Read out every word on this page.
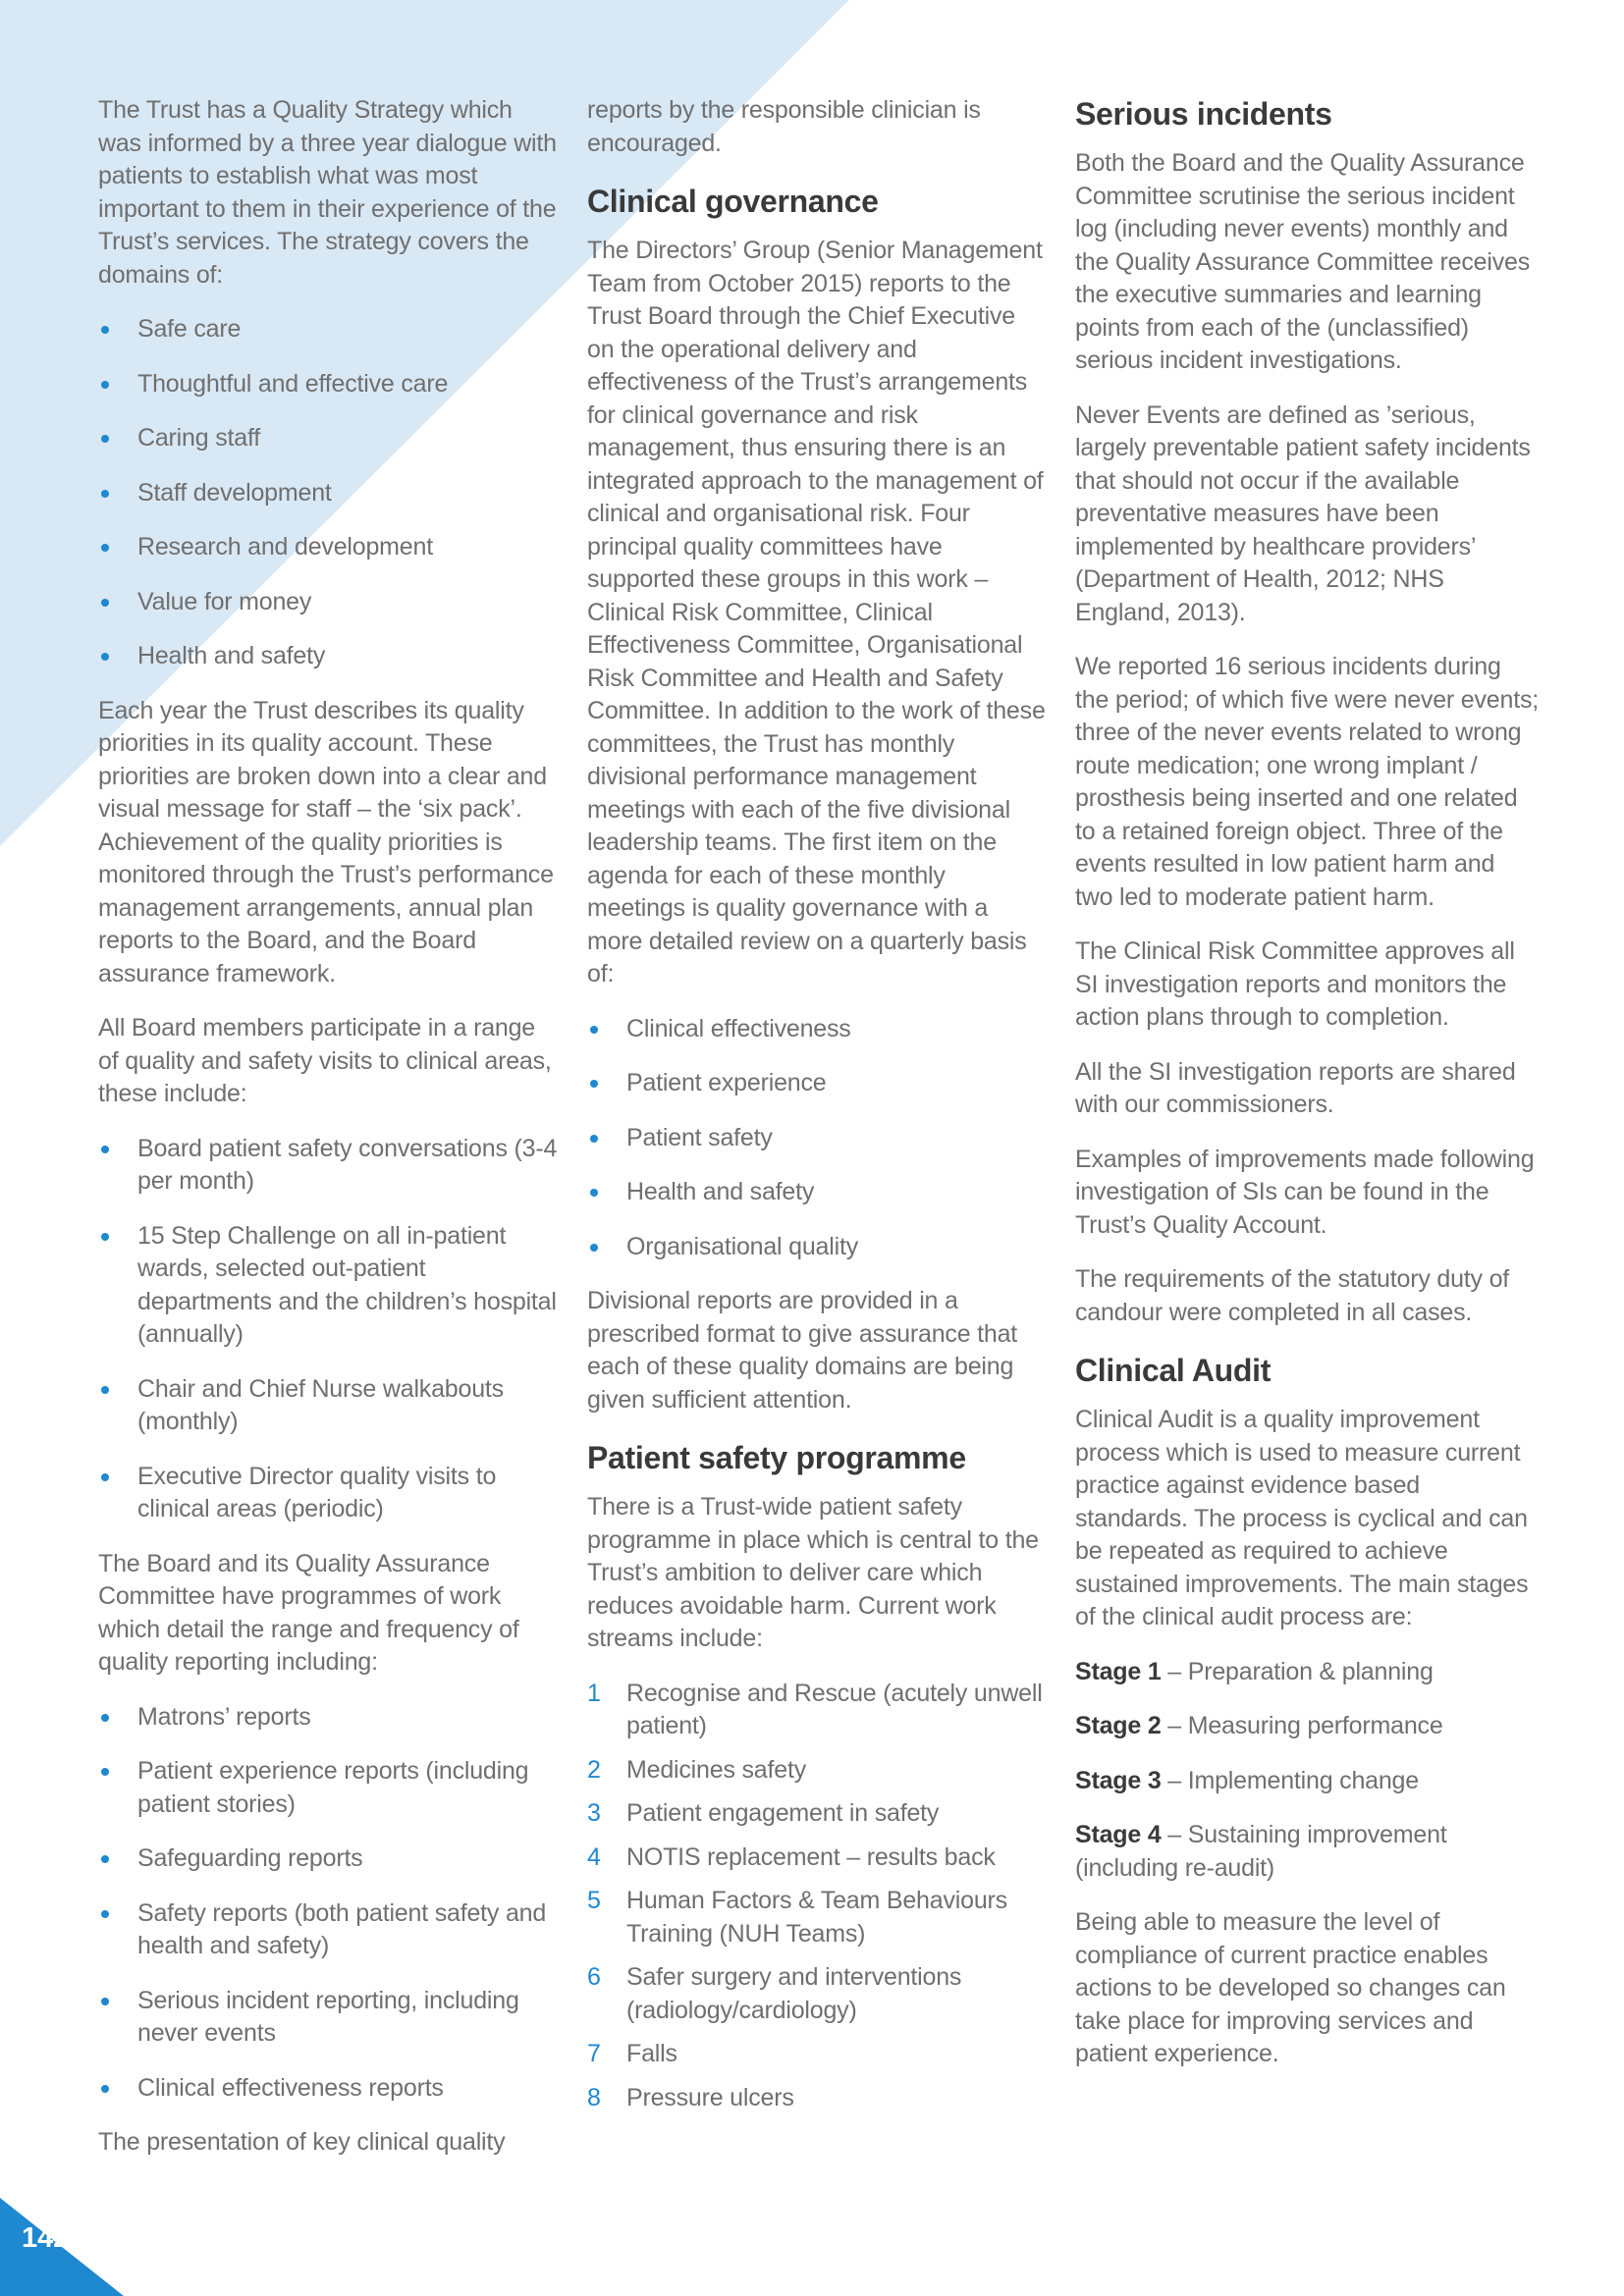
142

The Trust has a Quality Strategy which was informed by a three year dialogue with patients to establish what was most important to them in their experience of the Trust’s services. The strategy covers the domains of:

Safe care
Thoughtful and effective care
Caring staff
Staff development
Research and development
Value for money
Health and safety

Each year the Trust describes its quality priorities in its quality account. These priorities are broken down into a clear and visual message for staff – the ‘six pack’. Achievement of the quality priorities is monitored through the Trust’s performance management arrangements, annual plan reports to the Board, and the Board assurance framework.

All Board members participate in a range of quality and safety visits to clinical areas, these include:

Board patient safety conversations (3-4 per month)
15 Step Challenge on all in-patient wards, selected out-patient departments and the children’s hospital (annually)
Chair and Chief Nurse walkabouts (monthly)
Executive Director quality visits to clinical areas (periodic)

The Board and its Quality Assurance Committee have programmes of work which detail the range and frequency of quality reporting including:

Matrons’ reports
Patient experience reports (including patient stories)
Safeguarding reports
Safety reports (both patient safety and health and safety)
Serious incident reporting, including never events
Clinical effectiveness reports

The presentation of key clinical quality

reports by the responsible clinician is encouraged.

Clinical governance

The Directors’ Group (Senior Management Team from October 2015) reports to the Trust Board through the Chief Executive on the operational delivery and effectiveness of the Trust’s arrangements for clinical governance and risk management, thus ensuring there is an integrated approach to the management of clinical and organisational risk. Four principal quality committees have supported these groups in this work – Clinical Risk Committee, Clinical Effectiveness Committee, Organisational Risk Committee and Health and Safety Committee. In addition to the work of these committees, the Trust has monthly divisional performance management meetings with each of the five divisional leadership teams. The first item on the agenda for each of these monthly meetings is quality governance with a more detailed review on a quarterly basis of:

Clinical effectiveness
Patient experience
Patient safety
Health and safety
Organisational quality

Divisional reports are provided in a prescribed format to give assurance that each of these quality domains are being given sufficient attention.

Patient safety programme

There is a Trust-wide patient safety programme in place which is central to the Trust’s ambition to deliver care which reduces avoidable harm. Current work streams include:

1 Recognise and Rescue (acutely unwell patient)
2 Medicines safety
3 Patient engagement in safety
4 NOTIS replacement – results back
5 Human Factors & Team Behaviours Training (NUH Teams)
6 Safer surgery and interventions (radiology/cardiology)
7 Falls
8 Pressure ulcers
Serious incidents

Both the Board and the Quality Assurance Committee scrutinise the serious incident log (including never events) monthly and the Quality Assurance Committee receives the executive summaries and learning points from each of the (unclassified) serious incident investigations.

Never Events are defined as ’serious, largely preventable patient safety incidents that should not occur if the available preventative measures have been implemented by healthcare providers’ (Department of Health, 2012; NHS England, 2013).

We reported 16 serious incidents during the period; of which five were never events; three of the never events related to wrong route medication; one wrong implant / prosthesis being inserted and one related to a retained foreign object. Three of the events resulted in low patient harm and two led to moderate patient harm.

The Clinical Risk Committee approves all SI investigation reports and monitors the action plans through to completion.

All the SI investigation reports are shared with our commissioners.

Examples of improvements made following investigation of SIs can be found in the Trust’s Quality Account.

The requirements of the statutory duty of candour were completed in all cases.

Clinical Audit

Clinical Audit is a quality improvement process which is used to measure current practice against evidence based standards. The process is cyclical and can be repeated as required to achieve sustained improvements. The main stages of the clinical audit process are:

Stage 1 – Preparation & planning

Stage 2 – Measuring performance

Stage 3 – Implementing change

Stage 4 – Sustaining improvement (including re-audit)

Being able to measure the level of compliance of current practice enables actions to be developed so changes can take place for improving services and patient experience.
